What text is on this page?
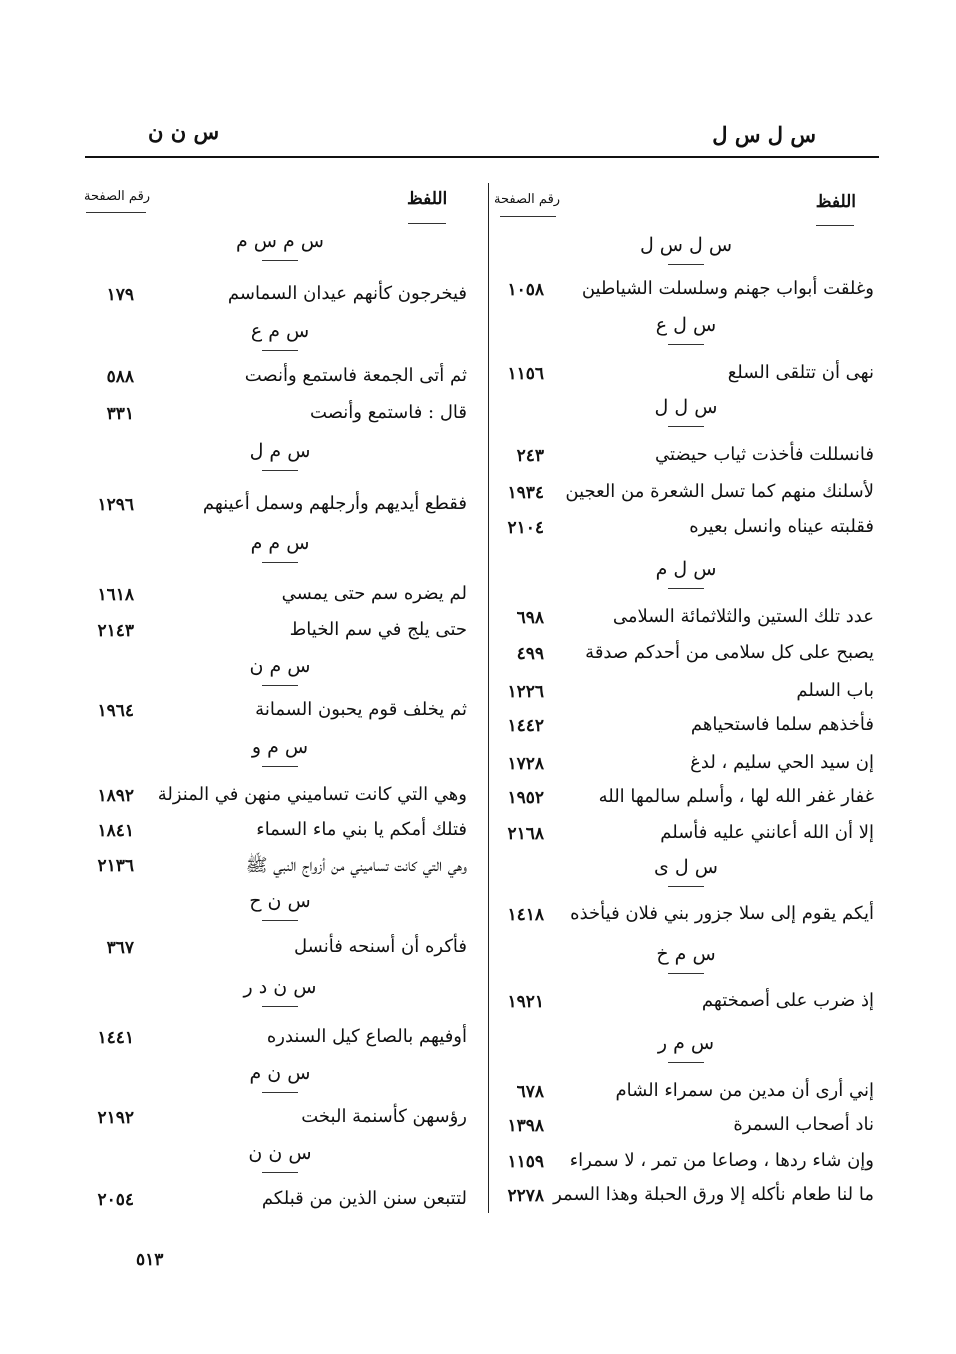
س ل س ل
س ن ن
اللفظ
رقم الصفحة
اللفظ
رقم الصفحة
س ل س ل
وغلقت أبواب جهنم وسلسلت الشياطين
١٠٥٨
س ل ع
نهى أن تتلقى السلع
١١٥٦
س ل ل
فانسللت فأخذت ثياب حيضتي
٢٤٣
لأسلنك منهم كما تسل الشعرة من العجين
١٩٣٤
فقلبته عيناه وانسل بعيره
٢١٠٤
س ل م
عدد تلك الستين والثلاثمائة السلامى
٦٩٨
يصبح على كل سلامى من أحدكم صدقة
٤٩٩
باب السلم
١٢٢٦
فأخذهم سلما فاستحياهم
١٤٤٢
إن سيد الحي سليم ، لدغ
١٧٢٨
غفار غفر الله لها ، وأسلم سالمها الله
١٩٥٢
إلا أن الله أعانني عليه فأسلم
٢١٦٨
س ل ى
أيكم يقوم إلى سلا جزور بني فلان فيأخذه
١٤١٨
س م خ
إذ ضرب على أصمختهم
١٩٢١
س م ر
إني أرى أن مدين من سمراء الشام
٦٧٨
ناد أصحاب السمرة
١٣٩٨
وإن شاء ردها ، وصاعا من تمر ، لا سمراء
١١٥٩
ما لنا طعام نأكله إلا ورق الحبلة وهذا السمر
٢٢٧٨
س م س م
فيخرجون كأنهم عيدان السماسم
١٧٩
س م ع
ثم أتى الجمعة فاستمع وأنصت
٥٨٨
قال : فاستمع وأنصت
٣٣١
س م ل
فقطع أيديهم وأرجلهم وسمل أعينهم
١٢٩٦
س م م
لم يضره سم حتى يمسي
١٦١٨
حتى يلج في سم الخياط
٢١٤٣
س م ن
ثم يخلف قوم يحبون السمانة
١٩٦٤
س م و
وهي التي كانت تساميني منهن في المنزلة
١٨٩٢
فتلك أمكم يا بني ماء السماء
١٨٤١
وهي التي كانت تساميني من أزواج النبي ﷺ
٢١٣٦
س ن ح
فأكره أن أسنحه فأنسل
٣٦٧
س ن د ر
أوفيهم بالصاع كيل السندره
١٤٤١
س ن م
رؤسهن كأسنمة البخت
٢١٩٢
س ن ن
لتتبعن سنن الذين من قبلكم
٢٠٥٤
٥١٣
